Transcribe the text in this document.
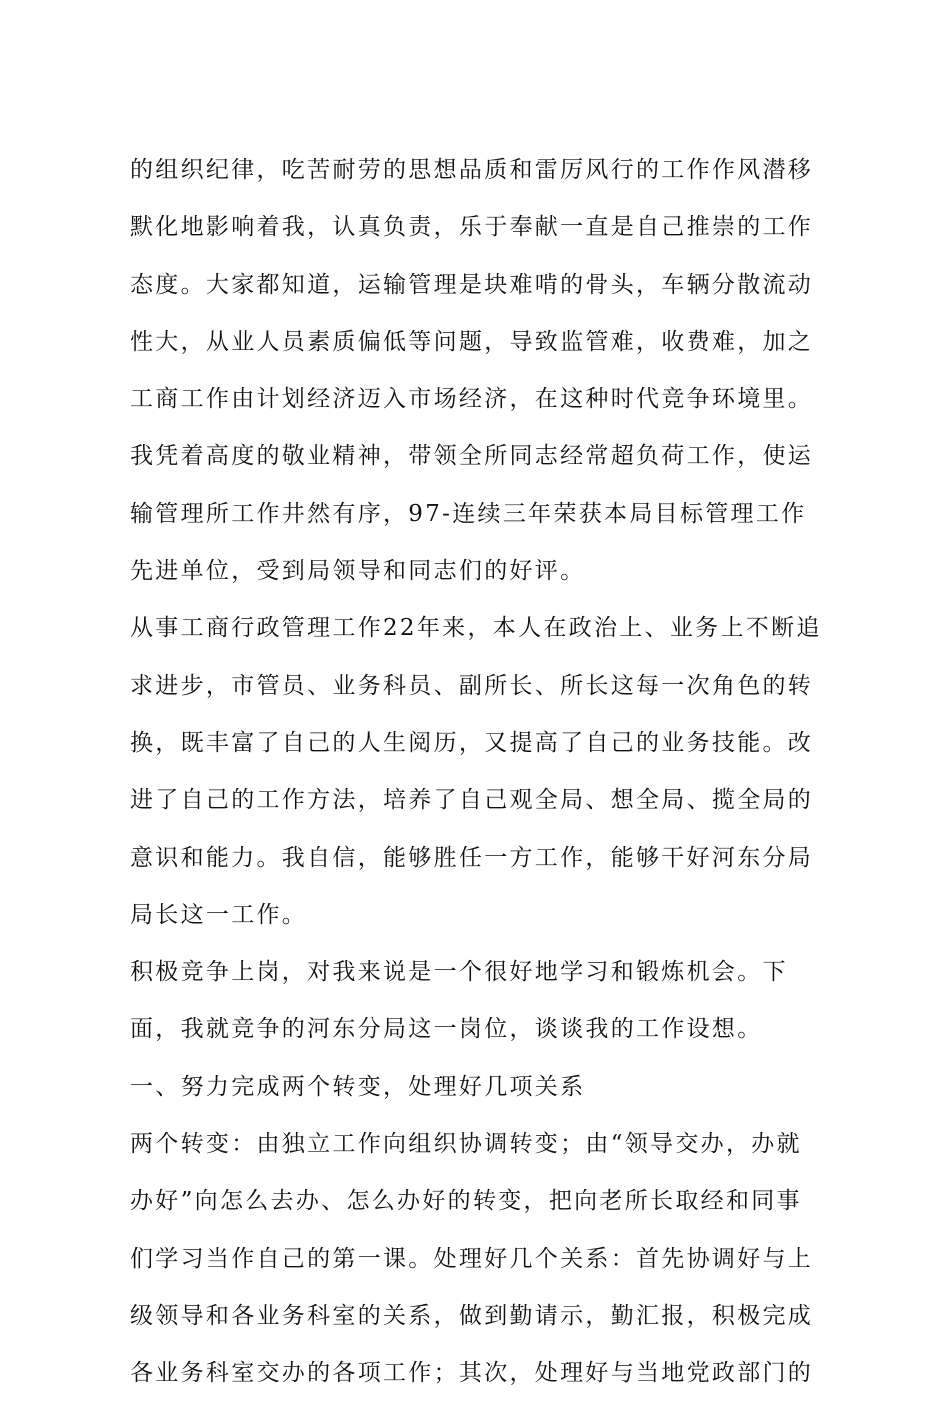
的组织纪律，吃苦耐劳的思想品质和雷厉风行的工作作风潜移
默化地影响着我，认真负责，乐于奉献一直是自己推崇的工作
态度。大家都知道，运输管理是块难啃的骨头，车辆分散流动
性大，从业人员素质偏低等问题，导致监管难，收费难，加之
工商工作由计划经济迈入市场经济，在这种时代竞争环境里。
我凭着高度的敬业精神，带领全所同志经常超负荷工作，使运
输管理所工作井然有序，97-连续三年荣获本局目标管理工作
先进单位，受到局领导和同志们的好评。
从事工商行政管理工作22年来，本人在政治上、业务上不断追
求进步，市管员、业务科员、副所长、所长这每一次角色的转
换，既丰富了自己的人生阅历，又提高了自己的业务技能。改
进了自己的工作方法，培养了自己观全局、想全局、揽全局的
意识和能力。我自信，能够胜任一方工作，能够干好河东分局
局长这一工作。
积极竞争上岗，对我来说是一个很好地学习和锻炼机会。下
面，我就竞争的河东分局这一岗位，谈谈我的工作设想。
一、努力完成两个转变，处理好几项关系
两个转变：由独立工作向组织协调转变；由“领导交办，办就
办好”向怎么去办、怎么办好的转变，把向老所长取经和同事
们学习当作自己的第一课。处理好几个关系：首先协调好与上
级领导和各业务科室的关系，做到勤请示，勤汇报，积极完成
各业务科室交办的各项工作；其次，处理好与当地党政部门的
